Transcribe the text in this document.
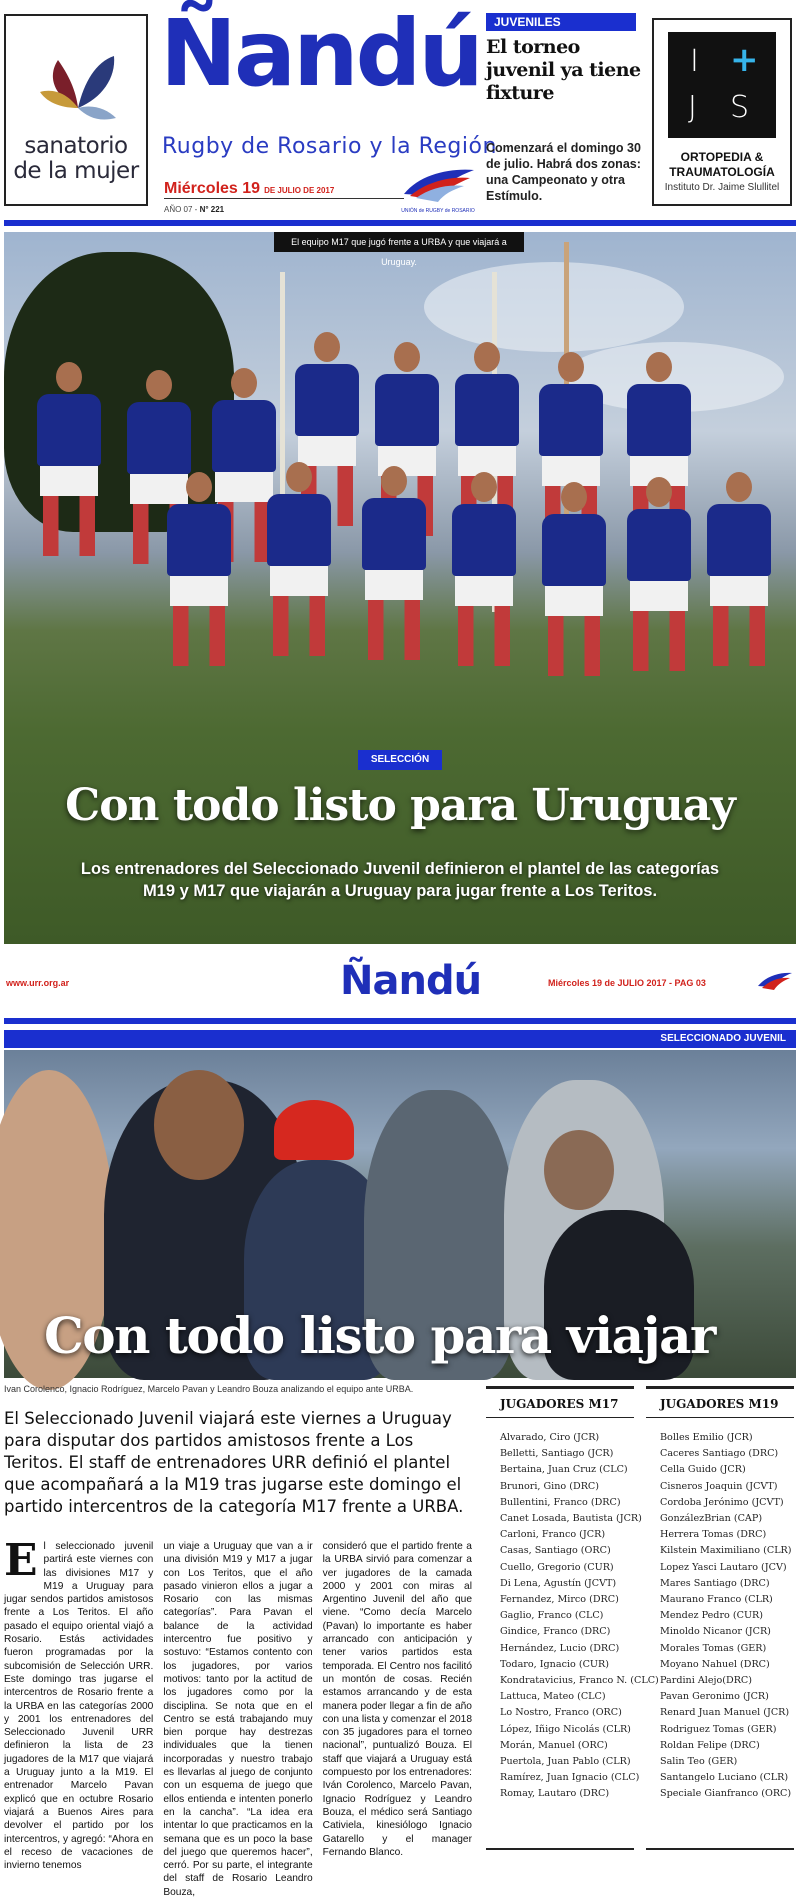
sanatorio
de la mujer
Ñandú
Rugby de Rosario y la Región
Miércoles 19 DE JULIO DE 2017
AÑO 07 - N° 221	UNIÓN de RUGBY de ROSARIO
JUVENILES
El torneo juvenil ya tiene fixture
Comenzará el domingo 30 de julio. Habrá dos zonas: una Campeonato y otra Estímulo.
I +
J S
ORTOPEDIA &
TRAUMATOLOGÍA
Instituto Dr. Jaime Slullitel
El equipo M17 que jugó frente a URBA y que viajará a Uruguay.
SELECCIÓN
Con todo listo para Uruguay
Los entrenadores del Seleccionado Juvenil definieron el plantel de las categorías M19 y M17 que viajarán a Uruguay para jugar frente a Los Teritos.
www.urr.org.ar	Ñandú	Miércoles 19 de JULIO 2017 - PAG 03
SELECCIONADO JUVENIL
Con todo listo para viajar
Ivan Corolenco, Ignacio Rodríguez, Marcelo Pavan y Leandro Bouza analizando el equipo ante URBA.
El Seleccionado Juvenil viajará este viernes a Uruguay para disputar dos partidos amistosos frente a Los Teritos. El staff de entrenadores URR definió el plantel que acompañará a la M19 tras jugarse este domingo el partido intercentros de la categoría M17 frente a URBA.
El seleccionado juvenil partirá este viernes con las divisiones M17 y M19 a Uruguay para jugar sendos partidos amistosos frente a Los Teritos. El año pasado el equipo oriental viajó a Rosario. Estás actividades fueron programadas por la subcomisión de Selección URR. Este domingo tras jugarse el intercentros de Rosario frente a la URBA en las categorías 2000 y 2001 los entrenadores del Seleccionado Juvenil URR definieron la lista de 23 jugadores de la M17 que viajará a Uruguay junto a la M19. El entrenador Marcelo Pavan explicó que en octubre Rosario viajará a Buenos Aires para devolver el partido por los intercentros, y agregó: “Ahora en el receso de vacaciones de invierno tenemos
un viaje a Uruguay que van a ir una división M19 y M17 a jugar con Los Teritos, que el año pasado vinieron ellos a jugar a Rosario con las mismas categorías”. Para Pavan el balance de la actividad intercentro fue positivo y sostuvo: “Estamos contento con los jugadores, por varios motivos: tanto por la actitud de los jugadores como por la disciplina. Se nota que en el Centro se está trabajando muy bien porque hay destrezas individuales que la tienen incorporadas y nuestro trabajo es llevarlas al juego de conjunto con un esquema de juego que ellos entienda e intenten ponerlo en la cancha”. “La idea era intentar lo que practicamos en la semana que es un poco la base del juego que queremos hacer”, cerró. Por su parte, el integrante del staff de Rosario Leandro Bouza,
consideró que el partido frente a la URBA sirvió para comenzar a ver jugadores de la camada 2000 y 2001 con miras al Argentino Juvenil del año que viene. “Como decía Marcelo (Pavan) lo importante es haber arrancado con anticipación y tener varios partidos esta temporada. El Centro nos facilitó un montón de cosas. Recién estamos arrancando y de esta manera poder llegar a fin de año con una lista y comenzar el 2018 con 35 jugadores para el torneo nacional”, puntualizó Bouza. El staff que viajará a Uruguay está compuesto por los entrenadores: Iván Corolenco, Marcelo Pavan, Ignacio Rodríguez y Leandro Bouza, el médico será Santiago Cativiela, kinesiólogo Ignacio Gatarello y el manager Fernando Blanco.
JUGADORES M17
Alvarado, Ciro (JCR)
Belletti, Santiago (JCR)
Bertaina, Juan Cruz (CLC)
Brunori, Gino (DRC)
Bullentini, Franco (DRC)
Canet Losada, Bautista (JCR)
Carloni, Franco (JCR)
Casas, Santiago (ORC)
Cuello, Gregorio (CUR)
Di Lena, Agustín (JCVT)
Fernandez, Mirco (DRC)
Gaglio, Franco (CLC)
Gindice, Franco (DRC)
Hernández, Lucio (DRC)
Todaro, Ignacio (CUR)
Kondratavicius, Franco N. (CLC)
Lattuca, Mateo (CLC)
Lo Nostro, Franco (ORC)
López, Iñigo Nicolás (CLR)
Morán, Manuel (ORC)
Puertola, Juan Pablo (CLR)
Ramírez, Juan Ignacio (CLC)
Romay, Lautaro (DRC)
JUGADORES M19
Bolles Emilio (JCR)
Caceres Santiago (DRC)
Cella Guido (JCR)
Cisneros Joaquin (JCVT)
Cordoba Jerónimo (JCVT)
GonzálezBrian (CAP)
Herrera Tomas (DRC)
Kilstein Maximiliano (CLR)
Lopez Yasci Lautaro (JCV)
Mares Santiago (DRC)
Maurano Franco (CLR)
Mendez Pedro (CUR)
Minoldo Nicanor (JCR)
Morales Tomas (GER)
Moyano Nahuel (DRC)
Pardini Alejo(DRC)
Pavan Geronimo (JCR)
Renard Juan Manuel (JCR)
Rodriguez Tomas (GER)
Roldan Felipe (DRC)
Salin Teo (GER)
Santangelo Luciano (CLR)
Speciale Gianfranco (ORC)
